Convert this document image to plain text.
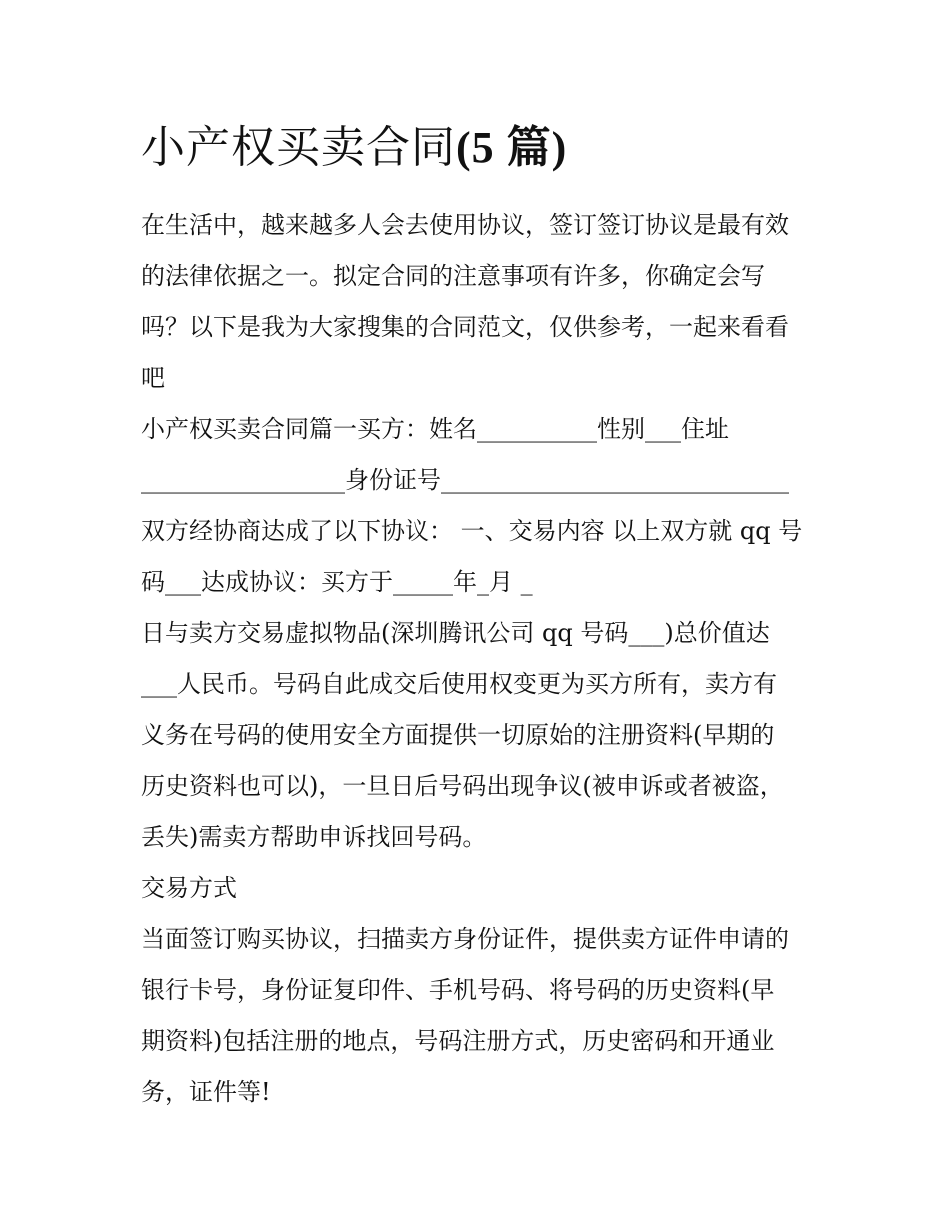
小产权买卖合同(5 篇)

在生活中，越来越多人会去使用协议，签订签订协议是最有效

的法律依据之一。拟定合同的注意事项有许多，你确定会写

吗？以下是我为大家搜集的合同范文，仅供参考，一起来看看

吧

小产权买卖合同篇一买方：姓名__________性别___住址

_________________身份证号_____________________________

双方经协商达成了以下协议： 一、交易内容 以上双方就 qq 号

码___达成协议：买方于_____年_月 _

日与卖方交易虚拟物品(深圳腾讯公司 qq 号码___)总价值达

___人民币。号码自此成交后使用权变更为买方所有，卖方有

义务在号码的使用安全方面提供一切原始的注册资料(早期的

历史资料也可以)，一旦日后号码出现争议(被申诉或者被盗，

丢失)需卖方帮助申诉找回号码。

交易方式

当面签订购买协议，扫描卖方身份证件，提供卖方证件申请的

银行卡号，身份证复印件、手机号码、将号码的历史资料(早

期资料)包括注册的地点，号码注册方式，历史密码和开通业

务，证件等!
